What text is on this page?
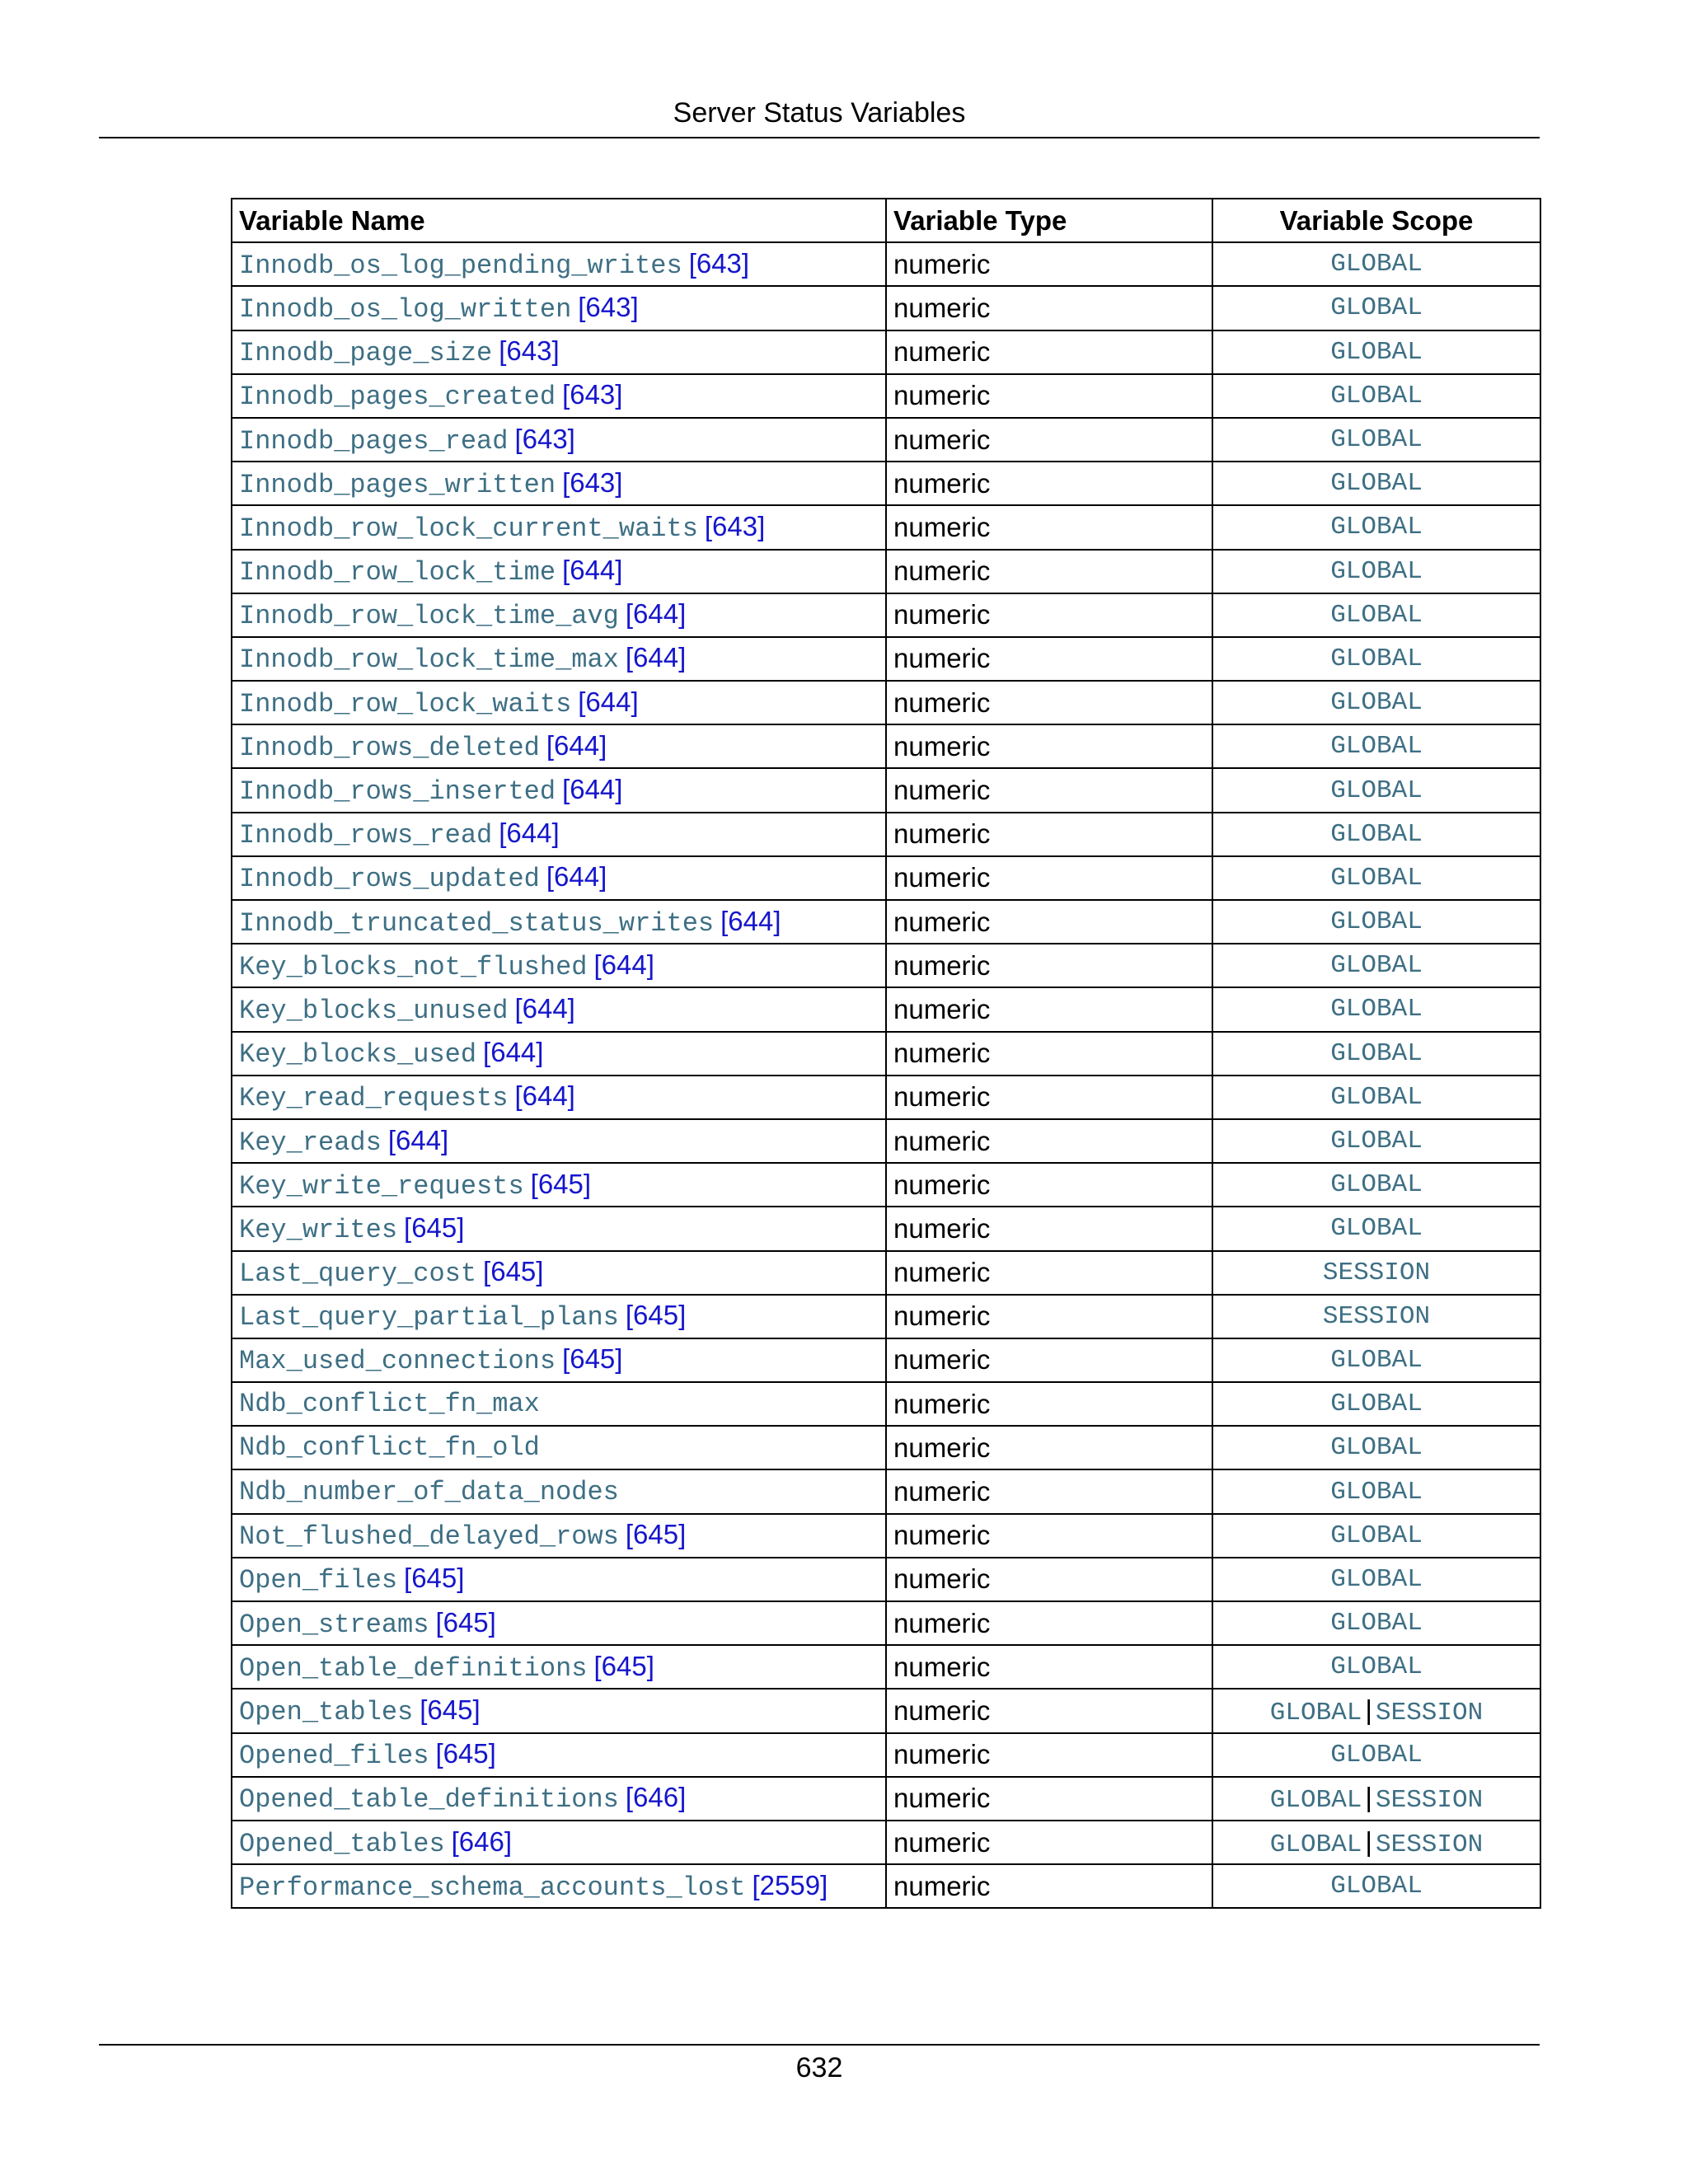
Server Status Variables
Variable Name	Variable Type	Variable Scope
Innodb_os_log_pending_writes [643]	numeric	GLOBAL
Innodb_os_log_written [643]	numeric	GLOBAL
Innodb_page_size [643]	numeric	GLOBAL
Innodb_pages_created [643]	numeric	GLOBAL
Innodb_pages_read [643]	numeric	GLOBAL
Innodb_pages_written [643]	numeric	GLOBAL
Innodb_row_lock_current_waits [643]	numeric	GLOBAL
Innodb_row_lock_time [644]	numeric	GLOBAL
Innodb_row_lock_time_avg [644]	numeric	GLOBAL
Innodb_row_lock_time_max [644]	numeric	GLOBAL
Innodb_row_lock_waits [644]	numeric	GLOBAL
Innodb_rows_deleted [644]	numeric	GLOBAL
Innodb_rows_inserted [644]	numeric	GLOBAL
Innodb_rows_read [644]	numeric	GLOBAL
Innodb_rows_updated [644]	numeric	GLOBAL
Innodb_truncated_status_writes [644]	numeric	GLOBAL
Key_blocks_not_flushed [644]	numeric	GLOBAL
Key_blocks_unused [644]	numeric	GLOBAL
Key_blocks_used [644]	numeric	GLOBAL
Key_read_requests [644]	numeric	GLOBAL
Key_reads [644]	numeric	GLOBAL
Key_write_requests [645]	numeric	GLOBAL
Key_writes [645]	numeric	GLOBAL
Last_query_cost [645]	numeric	SESSION
Last_query_partial_plans [645]	numeric	SESSION
Max_used_connections [645]	numeric	GLOBAL
Ndb_conflict_fn_max	numeric	GLOBAL
Ndb_conflict_fn_old	numeric	GLOBAL
Ndb_number_of_data_nodes	numeric	GLOBAL
Not_flushed_delayed_rows [645]	numeric	GLOBAL
Open_files [645]	numeric	GLOBAL
Open_streams [645]	numeric	GLOBAL
Open_table_definitions [645]	numeric	GLOBAL
Open_tables [645]	numeric	GLOBAL | SESSION
Opened_files [645]	numeric	GLOBAL
Opened_table_definitions [646]	numeric	GLOBAL | SESSION
Opened_tables [646]	numeric	GLOBAL | SESSION
Performance_schema_accounts_lost [2559]	numeric	GLOBAL
632
